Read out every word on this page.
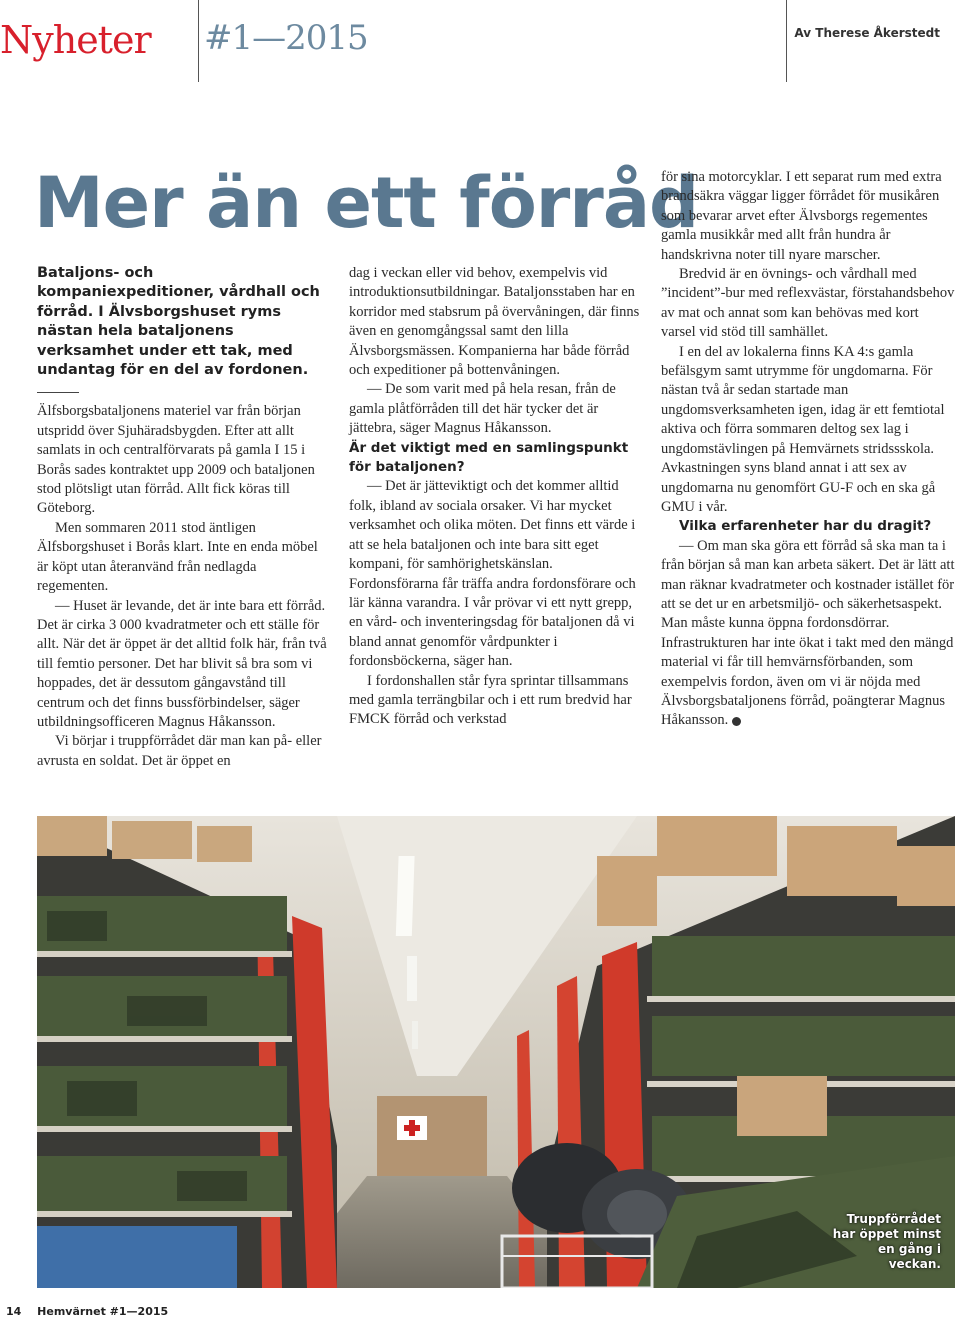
Nyheter #1—2015	Av Therese Åkerstedt
Mer än ett förråd

Bataljons- och kompaniexpeditioner, vårdhall och förråd. I Älvsborgshuset ryms nästan hela bataljonens verksamhet under ett tak, med undantag för en del av fordonen.

Älfsborgsbataljonens materiel var från början utspridd över Sjuhäradsbygden. Efter att allt samlats in och centralförvarats på gamla I 15 i Borås sades kontraktet upp 2009 och bataljonen stod plötsligt utan förråd. Allt fick köras till Göteborg.

Men sommaren 2011 stod äntligen Älfsborgshuset i Borås klart. Inte en enda möbel är köpt utan återanvänd från nedlagda regementen.

— Huset är levande, det är inte bara ett förråd. Det är cirka 3 000 kvadratmeter och ett ställe för allt. När det är öppet är det alltid folk här, från två till femtio personer. Det har blivit så bra som vi hoppades, det är dessutom gångavstånd till centrum och det finns bussförbindelser, säger utbildningsofficeren Magnus Håkansson.

Vi börjar i truppförrådet där man kan på- eller avrusta en soldat. Det är öppet en

dag i veckan eller vid behov, exempelvis vid introduktionsutbildningar. Bataljonsstaben har en korridor med stabsrum på övervåningen, där finns även en genomgångssal samt den lilla Älvsborgsmässen. Kompanierna har både förråd och expeditioner på bottenvåningen.

— De som varit med på hela resan, från de gamla plåtförråden till det här tycker det är jättebra, säger Magnus Håkansson.

Är det viktigt med en samlingspunkt för bataljonen?

— Det är jätteviktigt och det kommer alltid folk, ibland av sociala orsaker. Vi har mycket verksamhet och olika möten. Det finns ett värde i att se hela bataljonen och inte bara sitt eget kompani, för samhörighetskänslan. Fordonsförarna får träffa andra fordonsförare och lär känna varandra. I vår prövar vi ett nytt grepp, en vård- och inventeringsdag för bataljonen då vi bland annat genomför vårdpunkter i fordonsböckerna, säger han.

I fordonshallen står fyra sprintar tillsammans med gamla terrängbilar och i ett rum bredvid har FMCK förråd och verkstad

för sina motorcyklar. I ett separat rum med extra brandsäkra väggar ligger förrådet för musikåren som bevarar arvet efter Älvsborgs regementes gamla musikkår med allt från hundra år handskrivna noter till nyare marscher.

Bredvid är en övnings- och vårdhall med ”incident”-bur med reflexvästar, förstahandsbehov av mat och annat som kan behövas med kort varsel vid stöd till samhället.

I en del av lokalerna finns KA 4:s gamla befälsgym samt utrymme för ungdomarna. För nästan två år sedan startade man ungdomsverksamheten igen, idag är ett femtiotal aktiva och förra sommaren deltog sex lag i ungdomstävlingen på Hemvärnets stridssskola. Avkastningen syns bland annat i att sex av ungdomarna nu genomfört GU-F och en ska gå GMU i vår.

Vilka erfarenheter har du dragit?

— Om man ska göra ett förråd så ska man ta i från början så man kan arbeta säkert. Det är lätt att man räknar kvadratmeter och kostnader istället för att se det ur en arbetsmiljö- och säkerhetsaspekt. Man måste kunna öppna fordonsdörrar. Infrastrukturen har inte ökat i takt med den mängd material vi får till hemvärnsförbanden, som exempelvis fordon, även om vi är nöjda med Älvsborgsbataljonens förråd, poängterar Magnus Håkansson.

Truppförrådet har öppet minst en gång i veckan.
14 Hemvärnet #1—2015
